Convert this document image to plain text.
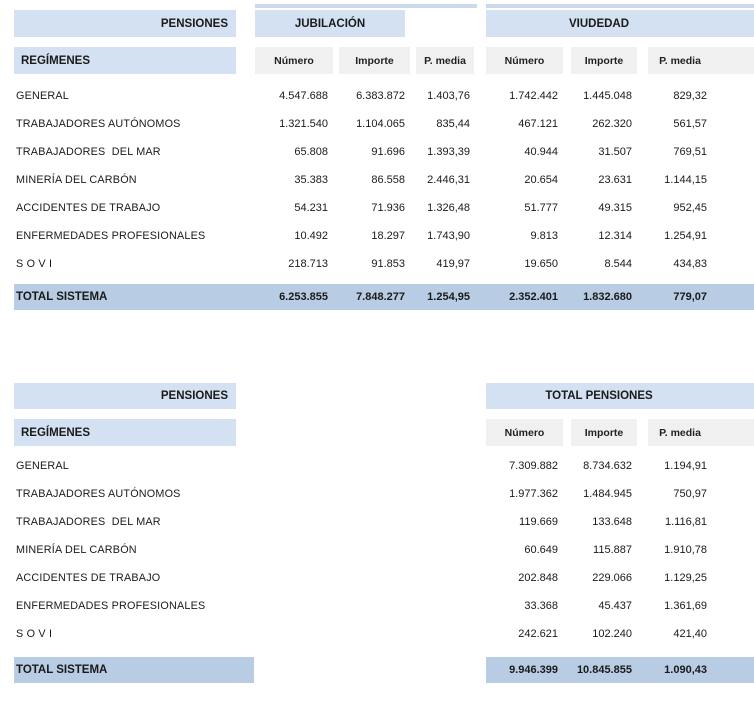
PENSIONES	JUBILACIÓN	VIUDEDAD
REGÍMENES	Número	Importe	P. media	Número	Importe	P. media
GENERAL	4.547.688	6.383.872	1.403,76	1.742.442	1.445.048	829,32
TRABAJADORES AUTÓNOMOS	1.321.540	1.104.065	835,44	467.121	262.320	561,57
TRABAJADORES  DEL MAR	65.808	91.696	1.393,39	40.944	31.507	769,51
MINERÍA DEL CARBÓN	35.383	86.558	2.446,31	20.654	23.631	1.144,15
ACCIDENTES DE TRABAJO	54.231	71.936	1.326,48	51.777	49.315	952,45
ENFERMEDADES PROFESIONALES	10.492	18.297	1.743,90	9.813	12.314	1.254,91
S O V I	218.713	91.853	419,97	19.650	8.544	434,83
TOTAL SISTEMA	6.253.855	7.848.277	1.254,95	2.352.401	1.832.680	779,07
PENSIONES	TOTAL PENSIONES
REGÍMENES	Número	Importe	P. media
GENERAL	7.309.882	8.734.632	1.194,91
TRABAJADORES AUTÓNOMOS	1.977.362	1.484.945	750,97
TRABAJADORES  DEL MAR	119.669	133.648	1.116,81
MINERÍA DEL CARBÓN	60.649	115.887	1.910,78
ACCIDENTES DE TRABAJO	202.848	229.066	1.129,25
ENFERMEDADES PROFESIONALES	33.368	45.437	1.361,69
S O V I	242.621	102.240	421,40
TOTAL SISTEMA	9.946.399	10.845.855	1.090,43
